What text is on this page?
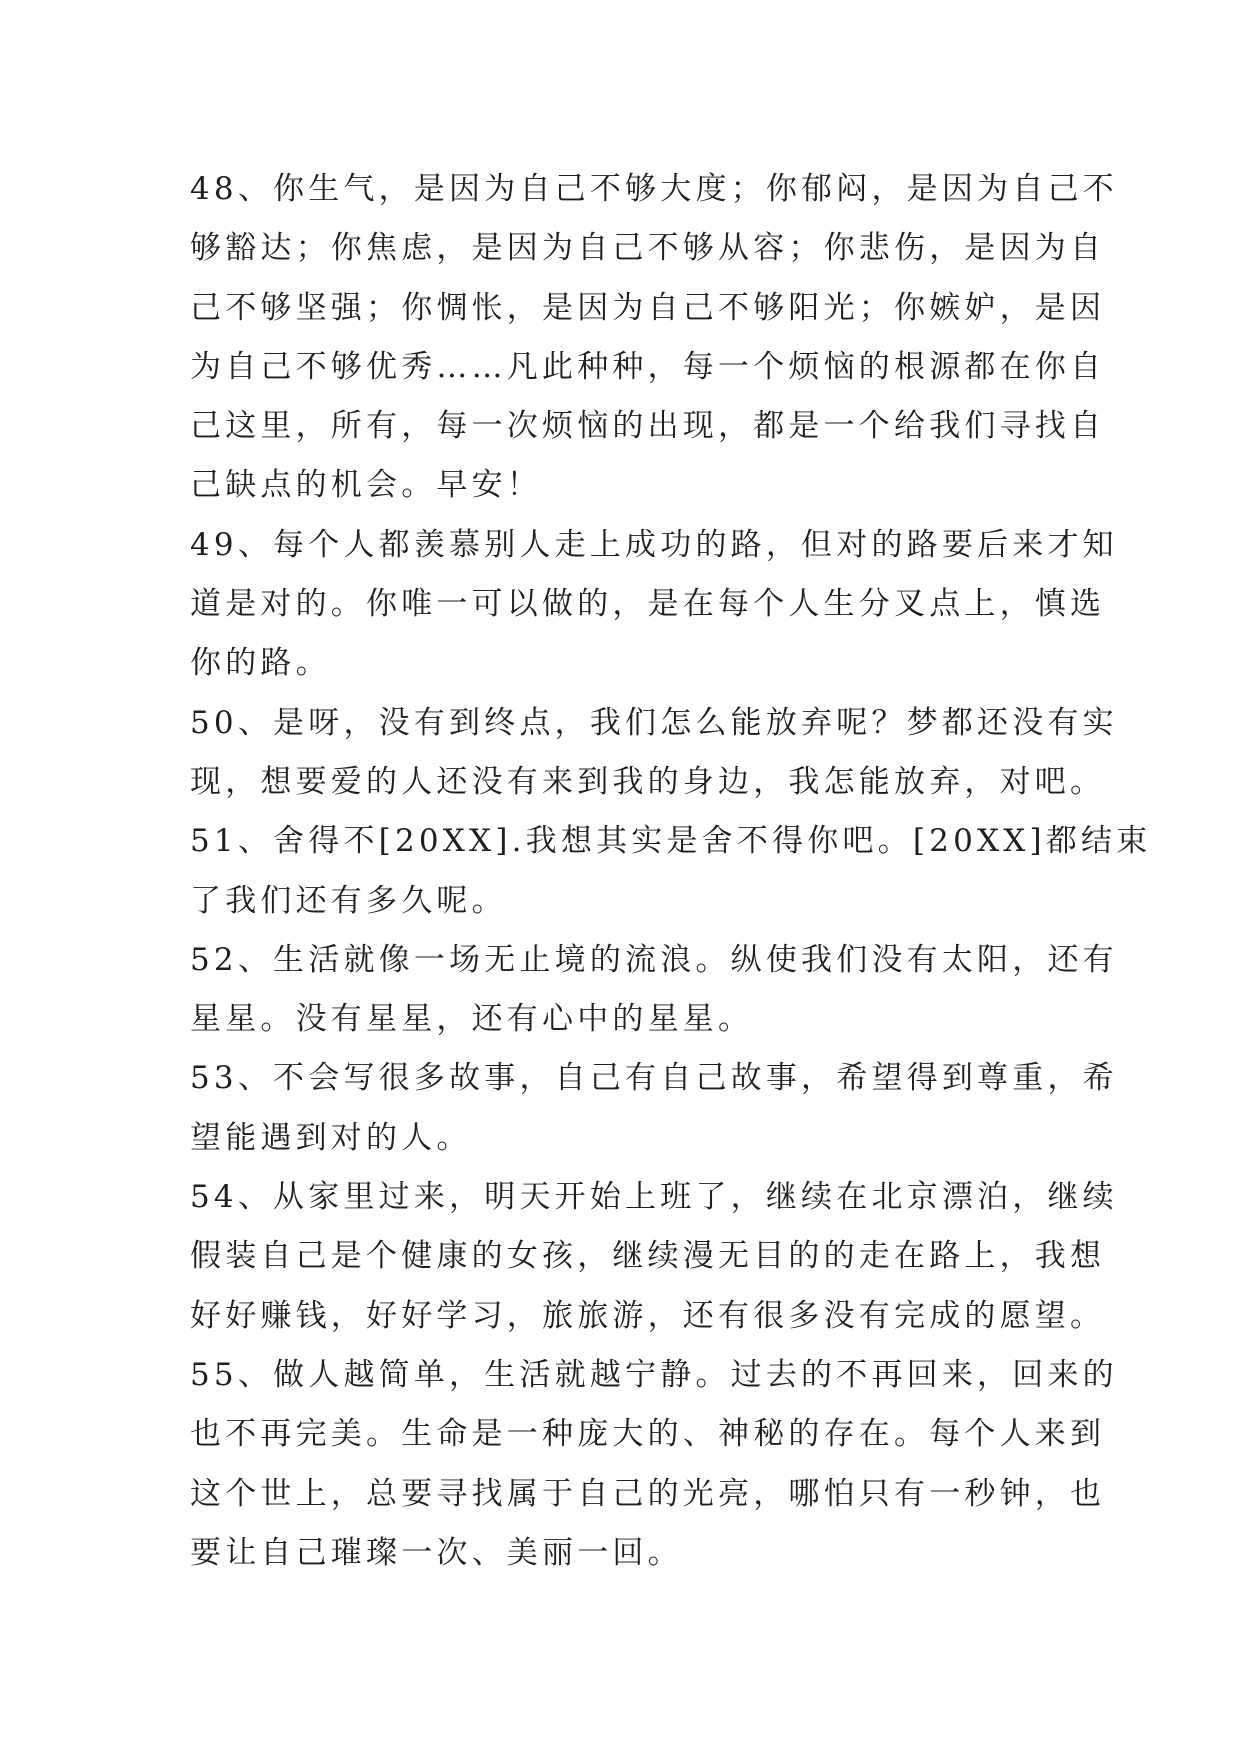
48、你生气，是因为自己不够大度；你郁闷，是因为自己不
够豁达；你焦虑，是因为自己不够从容；你悲伤，是因为自
己不够坚强；你惆怅，是因为自己不够阳光；你嫉妒，是因
为自己不够优秀……凡此种种，每一个烦恼的根源都在你自
己这里，所有，每一次烦恼的出现，都是一个给我们寻找自
己缺点的机会。早安！

49、每个人都羡慕别人走上成功的路，但对的路要后来才知
道是对的。你唯一可以做的，是在每个人生分叉点上，慎选
你的路。

50、是呀，没有到终点，我们怎么能放弃呢？梦都还没有实
现，想要爱的人还没有来到我的身边，我怎能放弃，对吧。

51、舍得不[20XX].我想其实是舍不得你吧。[20XX]都结束
了我们还有多久呢。

52、生活就像一场无止境的流浪。纵使我们没有太阳，还有
星星。没有星星，还有心中的星星。

53、不会写很多故事，自己有自己故事，希望得到尊重，希
望能遇到对的人。

54、从家里过来，明天开始上班了，继续在北京漂泊，继续
假装自己是个健康的女孩，继续漫无目的的走在路上，我想
好好赚钱，好好学习，旅旅游，还有很多没有完成的愿望。

55、做人越简单，生活就越宁静。过去的不再回来，回来的
也不再完美。生命是一种庞大的、神秘的存在。每个人来到
这个世上，总要寻找属于自己的光亮，哪怕只有一秒钟，也
要让自己璀璨一次、美丽一回。
